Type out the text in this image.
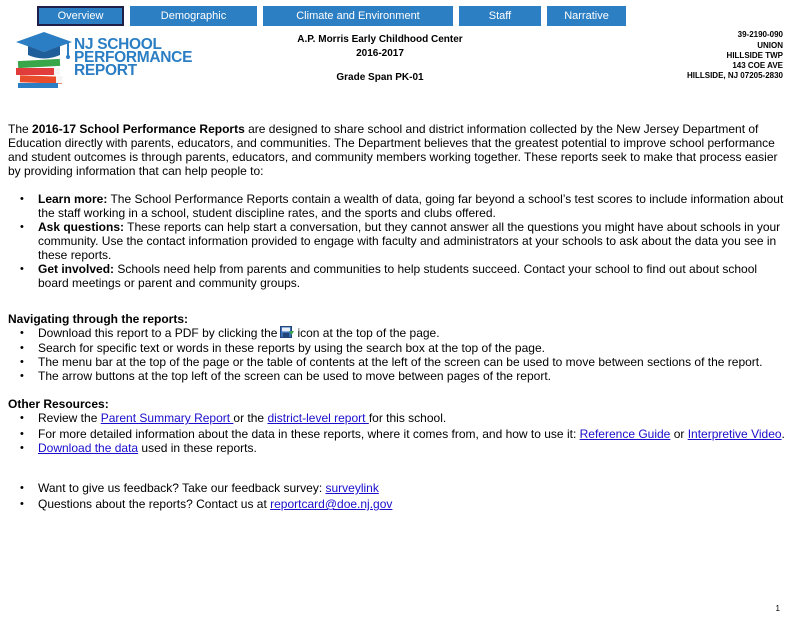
Overview	Demographic	Climate and Environment	Staff	Narrative
NJ SCHOOL
PERFORMANCE
REPORT
A.P. Morris Early Childhood Center
2016-2017
Grade Span PK-01
39-2190-090
UNION
HILLSIDE TWP
143 COE AVE
HILLSIDE, NJ 07205-2830

The 2016-17 School Performance Reports are designed to share school and district information collected by the New Jersey Department of Education directly with parents, educators, and communities. The Department believes that the greatest potential to improve school performance and student outcomes is through parents, educators, and community members working together. These reports seek to make that process easier by providing information that can help people to:

• Learn more: The School Performance Reports contain a wealth of data, going far beyond a school’s test scores to include information about the staff working in a school, student discipline rates, and the sports and clubs offered.
• Ask questions: These reports can help start a conversation, but they cannot answer all the questions you might have about schools in your community. Use the contact information provided to engage with faculty and administrators at your schools to ask about the data you see in these reports.
• Get involved: Schools need help from parents and communities to help students succeed. Contact your school to find out about school board meetings or parent and community groups.
Navigating through the reports:
• Download this report to a PDF by clicking the icon at the top of the page.
• Search for specific text or words in these reports by using the search box at the top of the page.
• The menu bar at the top of the page or the table of contents at the left of the screen can be used to move between sections of the report.
• The arrow buttons at the top left of the screen can be used to move between pages of the report.
Other Resources:
• Review the Parent Summary Report or the district-level report for this school.
• For more detailed information about the data in these reports, where it comes from, and how to use it: Reference Guide or Interpretive Video.
• Download the data used in these reports.
• Want to give us feedback? Take our feedback survey: surveylink
• Questions about the reports? Contact us at reportcard@doe.nj.gov
1
